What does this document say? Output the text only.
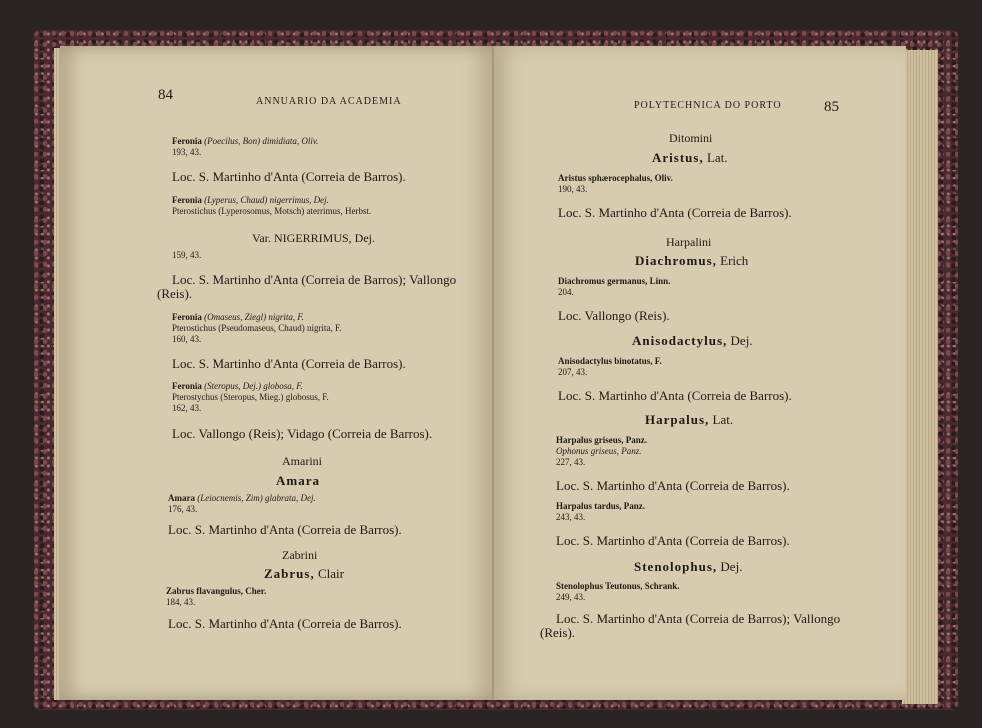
84	ANNUARIO DA ACADEMIA
Feronia (Poecilus, Bon) dimidiata, Oliv.
193, 43.
Loc. S. Martinho d'Anta (Correia de Barros).
Feronia (Lyperus, Chaud) nigerrimus, Dej.
Pterostichus (Lyperosomus, Motsch) aterrimus, Herbst.
Var. NIGERRIMUS, Dej.
159, 43.
Loc. S. Martinho d'Anta (Correia de Barros); Vallongo
(Reis).
Feronia (Omaseus, Ziegl) nigrita, F.
Pterostichus (Pseudomaseus, Chaud) nigrita, F.
160, 43.
Loc. S. Martinho d'Anta (Correia de Barros).
Feronia (Steropus, Dej.) globosa, F.
Pterostychus (Steropus, Mieg.) globosus, F.
162, 43.
Loc. Vallongo (Reis); Vidago (Correia de Barros).
Amarini
Amara
Amara (Leiocnemis, Zim) glabrata, Dej.
176, 43.
Loc. S. Martinho d'Anta (Correia de Barros).
Zabrini
Zabrus, Clair
Zabrus flavangulus, Cher.
184, 43.
Loc. S. Martinho d'Anta (Correia de Barros).
POLYTECHNICA DO PORTO	85
Ditomini
Aristus, Lat.
Aristus sphærocephalus, Oliv.
190, 43.
Loc. S. Martinho d'Anta (Correia de Barros).
Harpalini
Diachromus, Erich
Diachromus germanus, Linn.
204.
Loc. Vallongo (Reis).
Anisodactylus, Dej.
Anisodactylus binotatus, F.
207, 43.
Loc. S. Martinho d'Anta (Correia de Barros).
Harpalus, Lat.
Harpalus griseus, Panz.
Ophonus griseus, Panz.
227, 43.
Loc. S. Martinho d'Anta (Correia de Barros).
Harpalus tardus, Panz.
243, 43.
Loc. S. Martinho d'Anta (Correia de Barros).
Stenolophus, Dej.
Stenolophus Teutonus, Schrank.
249, 43.
Loc. S. Martinho d'Anta (Correia de Barros); Vallongo
(Reis).
